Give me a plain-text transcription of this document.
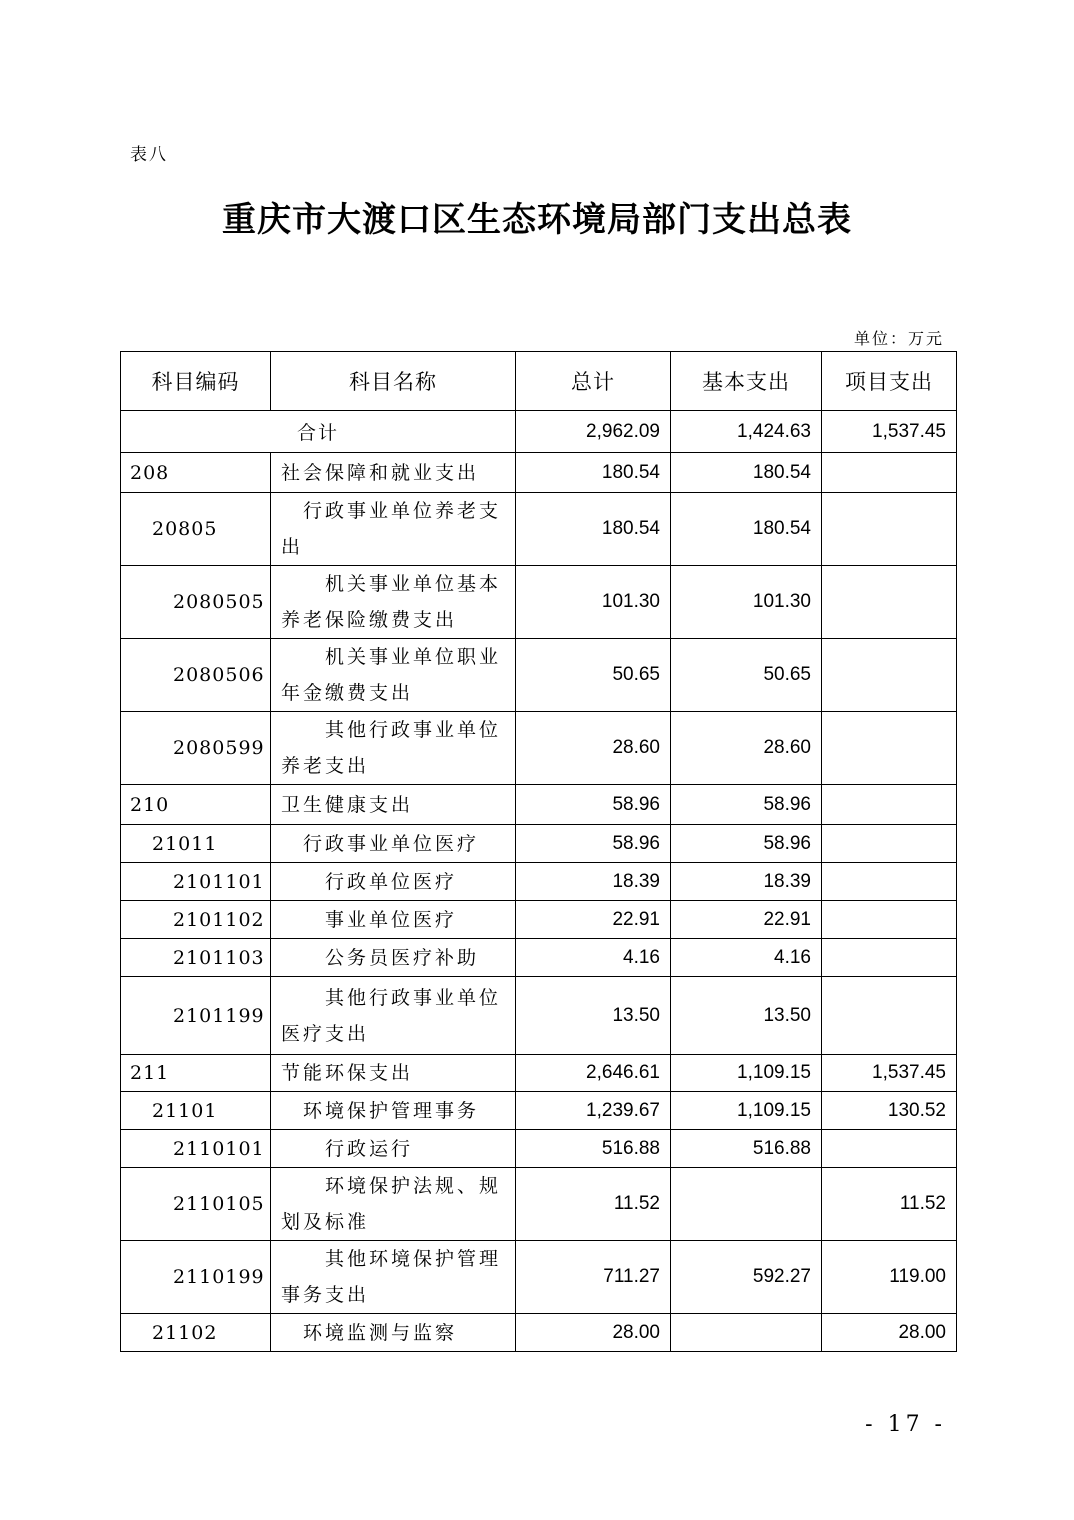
表八
重庆市大渡口区生态环境局部门支出总表
单位：万元
科目编码	科目名称	总计	基本支出	项目支出
合计		2,962.09	1,424.63	1,537.45
208	社会保障和就业支出	180.54	180.54	
20805	行政事业单位养老支出	180.54	180.54	
2080505	机关事业单位基本养老保险缴费支出	101.30	101.30	
2080506	机关事业单位职业年金缴费支出	50.65	50.65	
2080599	其他行政事业单位养老支出	28.60	28.60	
210	卫生健康支出	58.96	58.96	
21011	行政事业单位医疗	58.96	58.96	
2101101	行政单位医疗	18.39	18.39	
2101102	事业单位医疗	22.91	22.91	
2101103	公务员医疗补助	4.16	4.16	
2101199	其他行政事业单位医疗支出	13.50	13.50	
211	节能环保支出	2,646.61	1,109.15	1,537.45
21101	环境保护管理事务	1,239.67	1,109.15	130.52
2110101	行政运行	516.88	516.88	
2110105	环境保护法规、规划及标准	11.52		11.52
2110199	其他环境保护管理事务支出	711.27	592.27	119.00
21102	环境监测与监察	28.00		28.00
- 17 -
